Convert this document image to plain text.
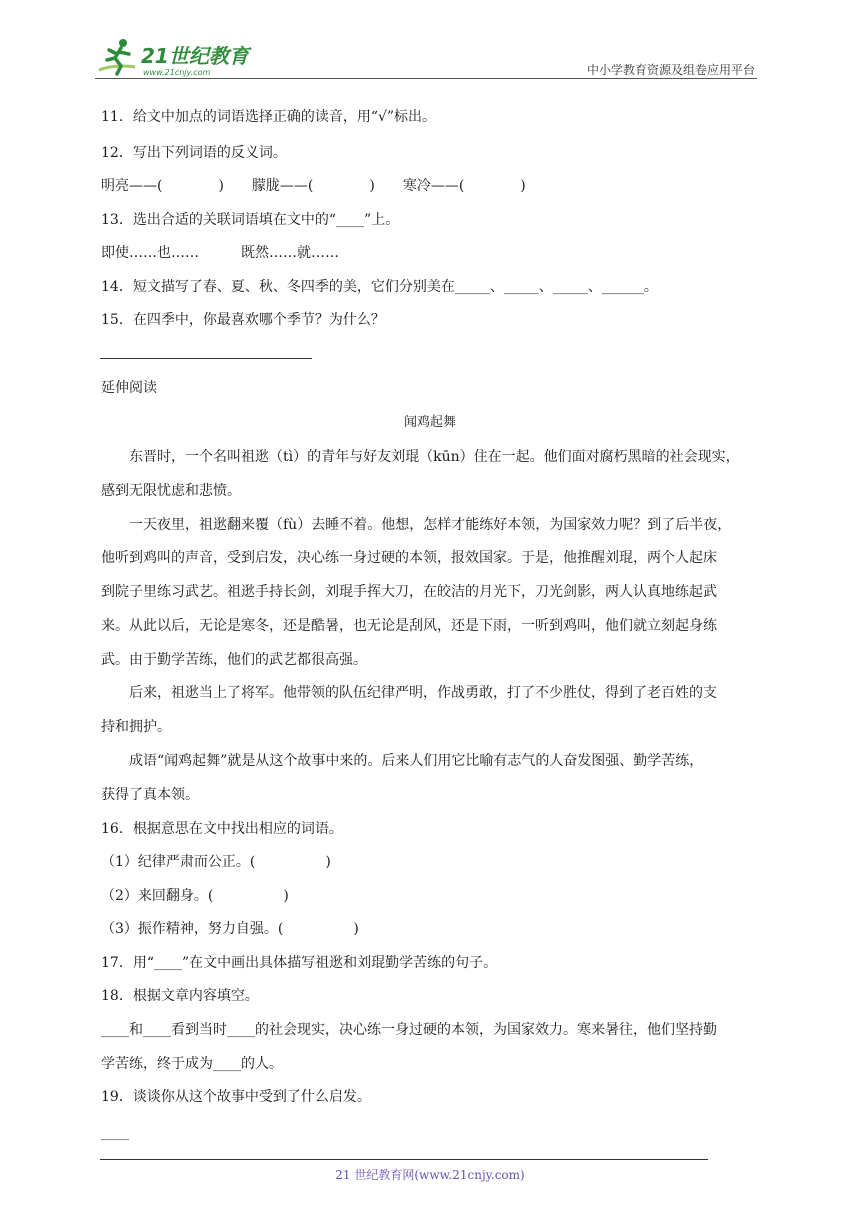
21世纪教育
www.21cnjy.com	中小学教育资源及组卷应用平台
11．给文中加点的词语选择正确的读音，用“√”标出。
12．写出下列词语的反义词。
明亮——(　　　　)　　朦胧——(　　　　)　　寒冷——(　　　　)
13．选出合适的关联词语填在文中的“____”上。
即使……也……　　　既然……就……
14．短文描写了春、夏、秋、冬四季的美，它们分别美在_____、_____、_____、______。
15．在四季中，你最喜欢哪个季节？为什么？
延伸阅读
闻鸡起舞
　　东晋时，一个名叫祖逖（tì）的青年与好友刘琨（kūn）住在一起。他们面对腐朽黑暗的社会现实，
感到无限忧虑和悲愤。
　　一天夜里，祖逖翻来覆（fù）去睡不着。他想，怎样才能练好本领，为国家效力呢？到了后半夜，
他听到鸡叫的声音，受到启发，决心练一身过硬的本领，报效国家。于是，他推醒刘琨，两个人起床
到院子里练习武艺。祖逖手持长剑，刘琨手挥大刀，在皎洁的月光下，刀光剑影，两人认真地练起武
来。从此以后，无论是寒冬，还是酷暑，也无论是刮风，还是下雨，一听到鸡叫，他们就立刻起身练
武。由于勤学苦练，他们的武艺都很高强。
　　后来，祖逖当上了将军。他带领的队伍纪律严明，作战勇敢，打了不少胜仗，得到了老百姓的支
持和拥护。
　　成语“闻鸡起舞”就是从这个故事中来的。后来人们用它比喻有志气的人奋发图强、勤学苦练，
获得了真本领。
16．根据意思在文中找出相应的词语。
（1）纪律严肃而公正。(　　　　　)
（2）来回翻身。(　　　　　)
（3）振作精神，努力自强。(　　　　　)
17．用“____”在文中画出具体描写祖逖和刘琨勤学苦练的句子。
18．根据文章内容填空。
____和____看到当时____的社会现实，决心练一身过硬的本领，为国家效力。寒来暑往，他们坚持勤
学苦练，终于成为____的人。
19．谈谈你从这个故事中受到了什么启发。
____
21 世纪教育网(www.21cnjy.com)
